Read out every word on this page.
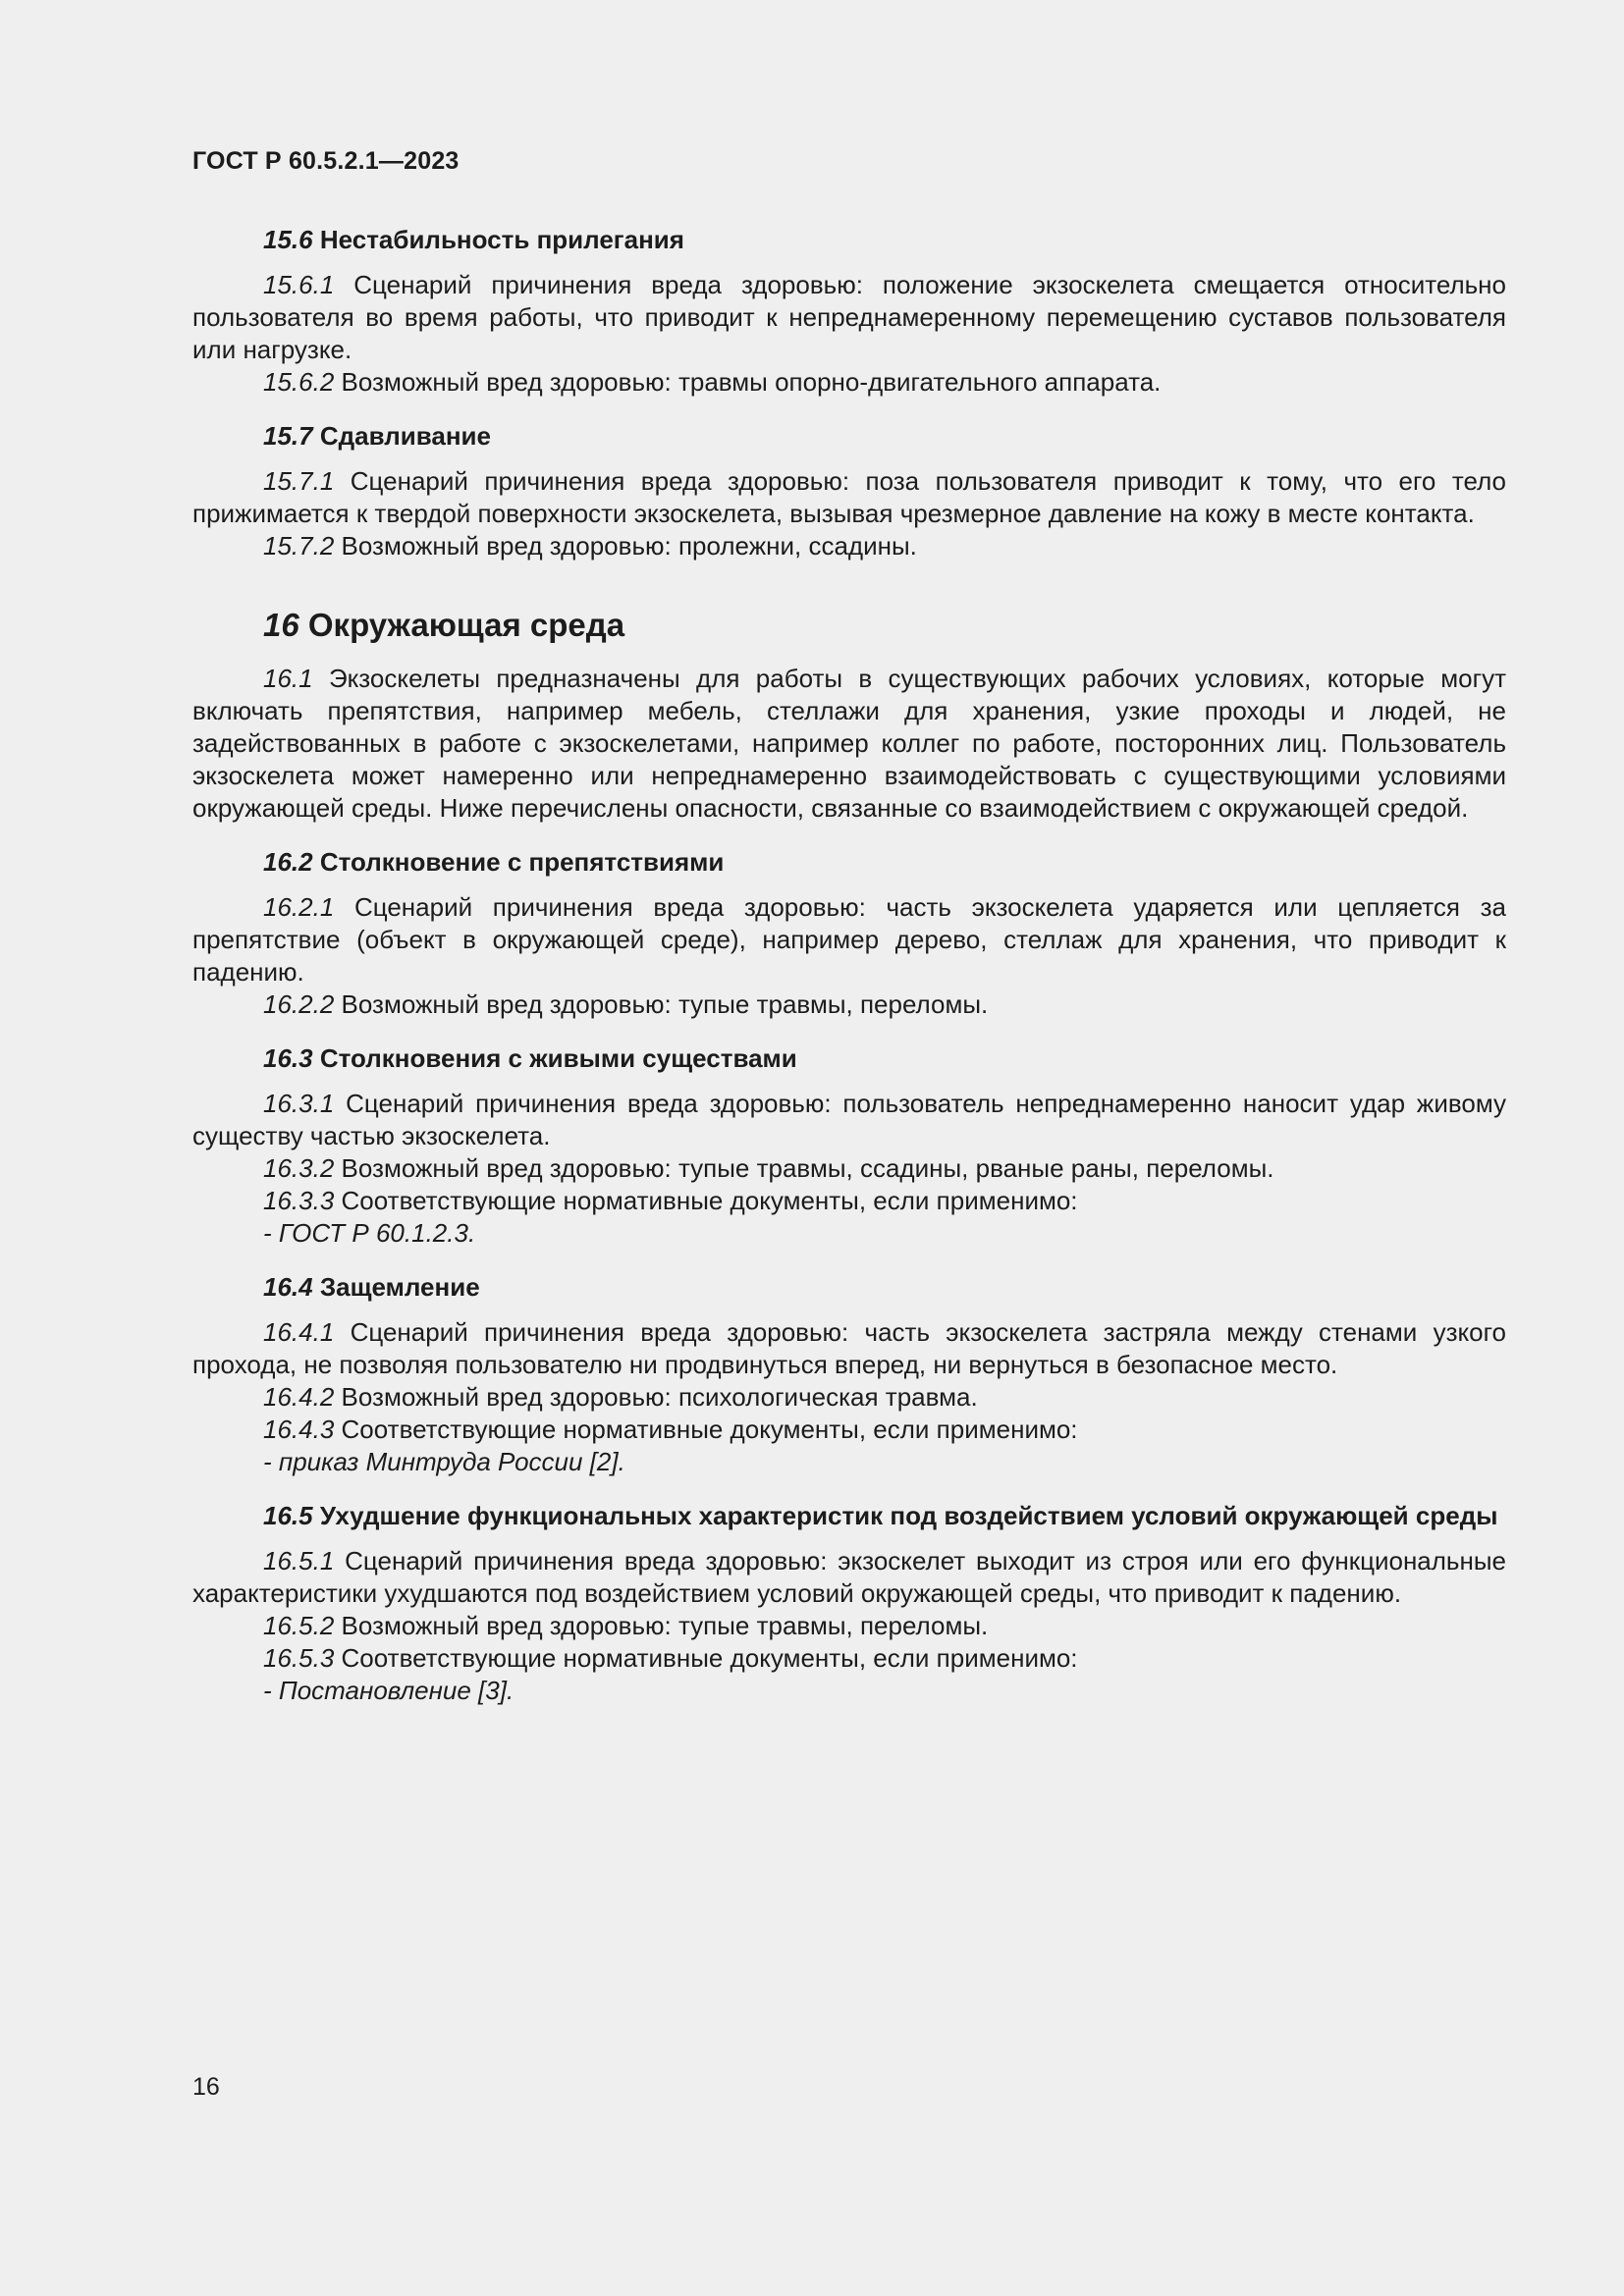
ГОСТ Р 60.5.2.1—2023
15.6 Нестабильность прилегания

15.6.1 Сценарий причинения вреда здоровью: положение экзоскелета смещается относительно пользователя во время работы, что приводит к непреднамеренному перемещению суставов пользователя или нагрузке.

15.6.2 Возможный вред здоровью: травмы опорно-двигательного аппарата.

15.7 Сдавливание

15.7.1 Сценарий причинения вреда здоровью: поза пользователя приводит к тому, что его тело прижимается к твердой поверхности экзоскелета, вызывая чрезмерное давление на кожу в месте контакта.

15.7.2 Возможный вред здоровью: пролежни, ссадины.

16 Окружающая среда

16.1 Экзоскелеты предназначены для работы в существующих рабочих условиях, которые могут включать препятствия, например мебель, стеллажи для хранения, узкие проходы и людей, не задействованных в работе с экзоскелетами, например коллег по работе, посторонних лиц. Пользователь экзоскелета может намеренно или непреднамеренно взаимодействовать с существующими условиями окружающей среды. Ниже перечислены опасности, связанные со взаимодействием с окружающей средой.

16.2 Столкновение с препятствиями

16.2.1 Сценарий причинения вреда здоровью: часть экзоскелета ударяется или цепляется за препятствие (объект в окружающей среде), например дерево, стеллаж для хранения, что приводит к падению.

16.2.2 Возможный вред здоровью: тупые травмы, переломы.

16.3 Столкновения с живыми существами

16.3.1 Сценарий причинения вреда здоровью: пользователь непреднамеренно наносит удар живому существу частью экзоскелета.

16.3.2 Возможный вред здоровью: тупые травмы, ссадины, рваные раны, переломы.

16.3.3 Соответствующие нормативные документы, если применимо:

- ГОСТ Р 60.1.2.3.

16.4 Защемление

16.4.1 Сценарий причинения вреда здоровью: часть экзоскелета застряла между стенами узкого прохода, не позволяя пользователю ни продвинуться вперед, ни вернуться в безопасное место.

16.4.2 Возможный вред здоровью: психологическая травма.

16.4.3 Соответствующие нормативные документы, если применимо:

- приказ Минтруда России [2].

16.5 Ухудшение функциональных характеристик под воздействием условий окружающей среды

16.5.1 Сценарий причинения вреда здоровью: экзоскелет выходит из строя или его функциональные характеристики ухудшаются под воздействием условий окружающей среды, что приводит к падению.

16.5.2 Возможный вред здоровью: тупые травмы, переломы.

16.5.3 Соответствующие нормативные документы, если применимо:

- Постановление [3].

16
